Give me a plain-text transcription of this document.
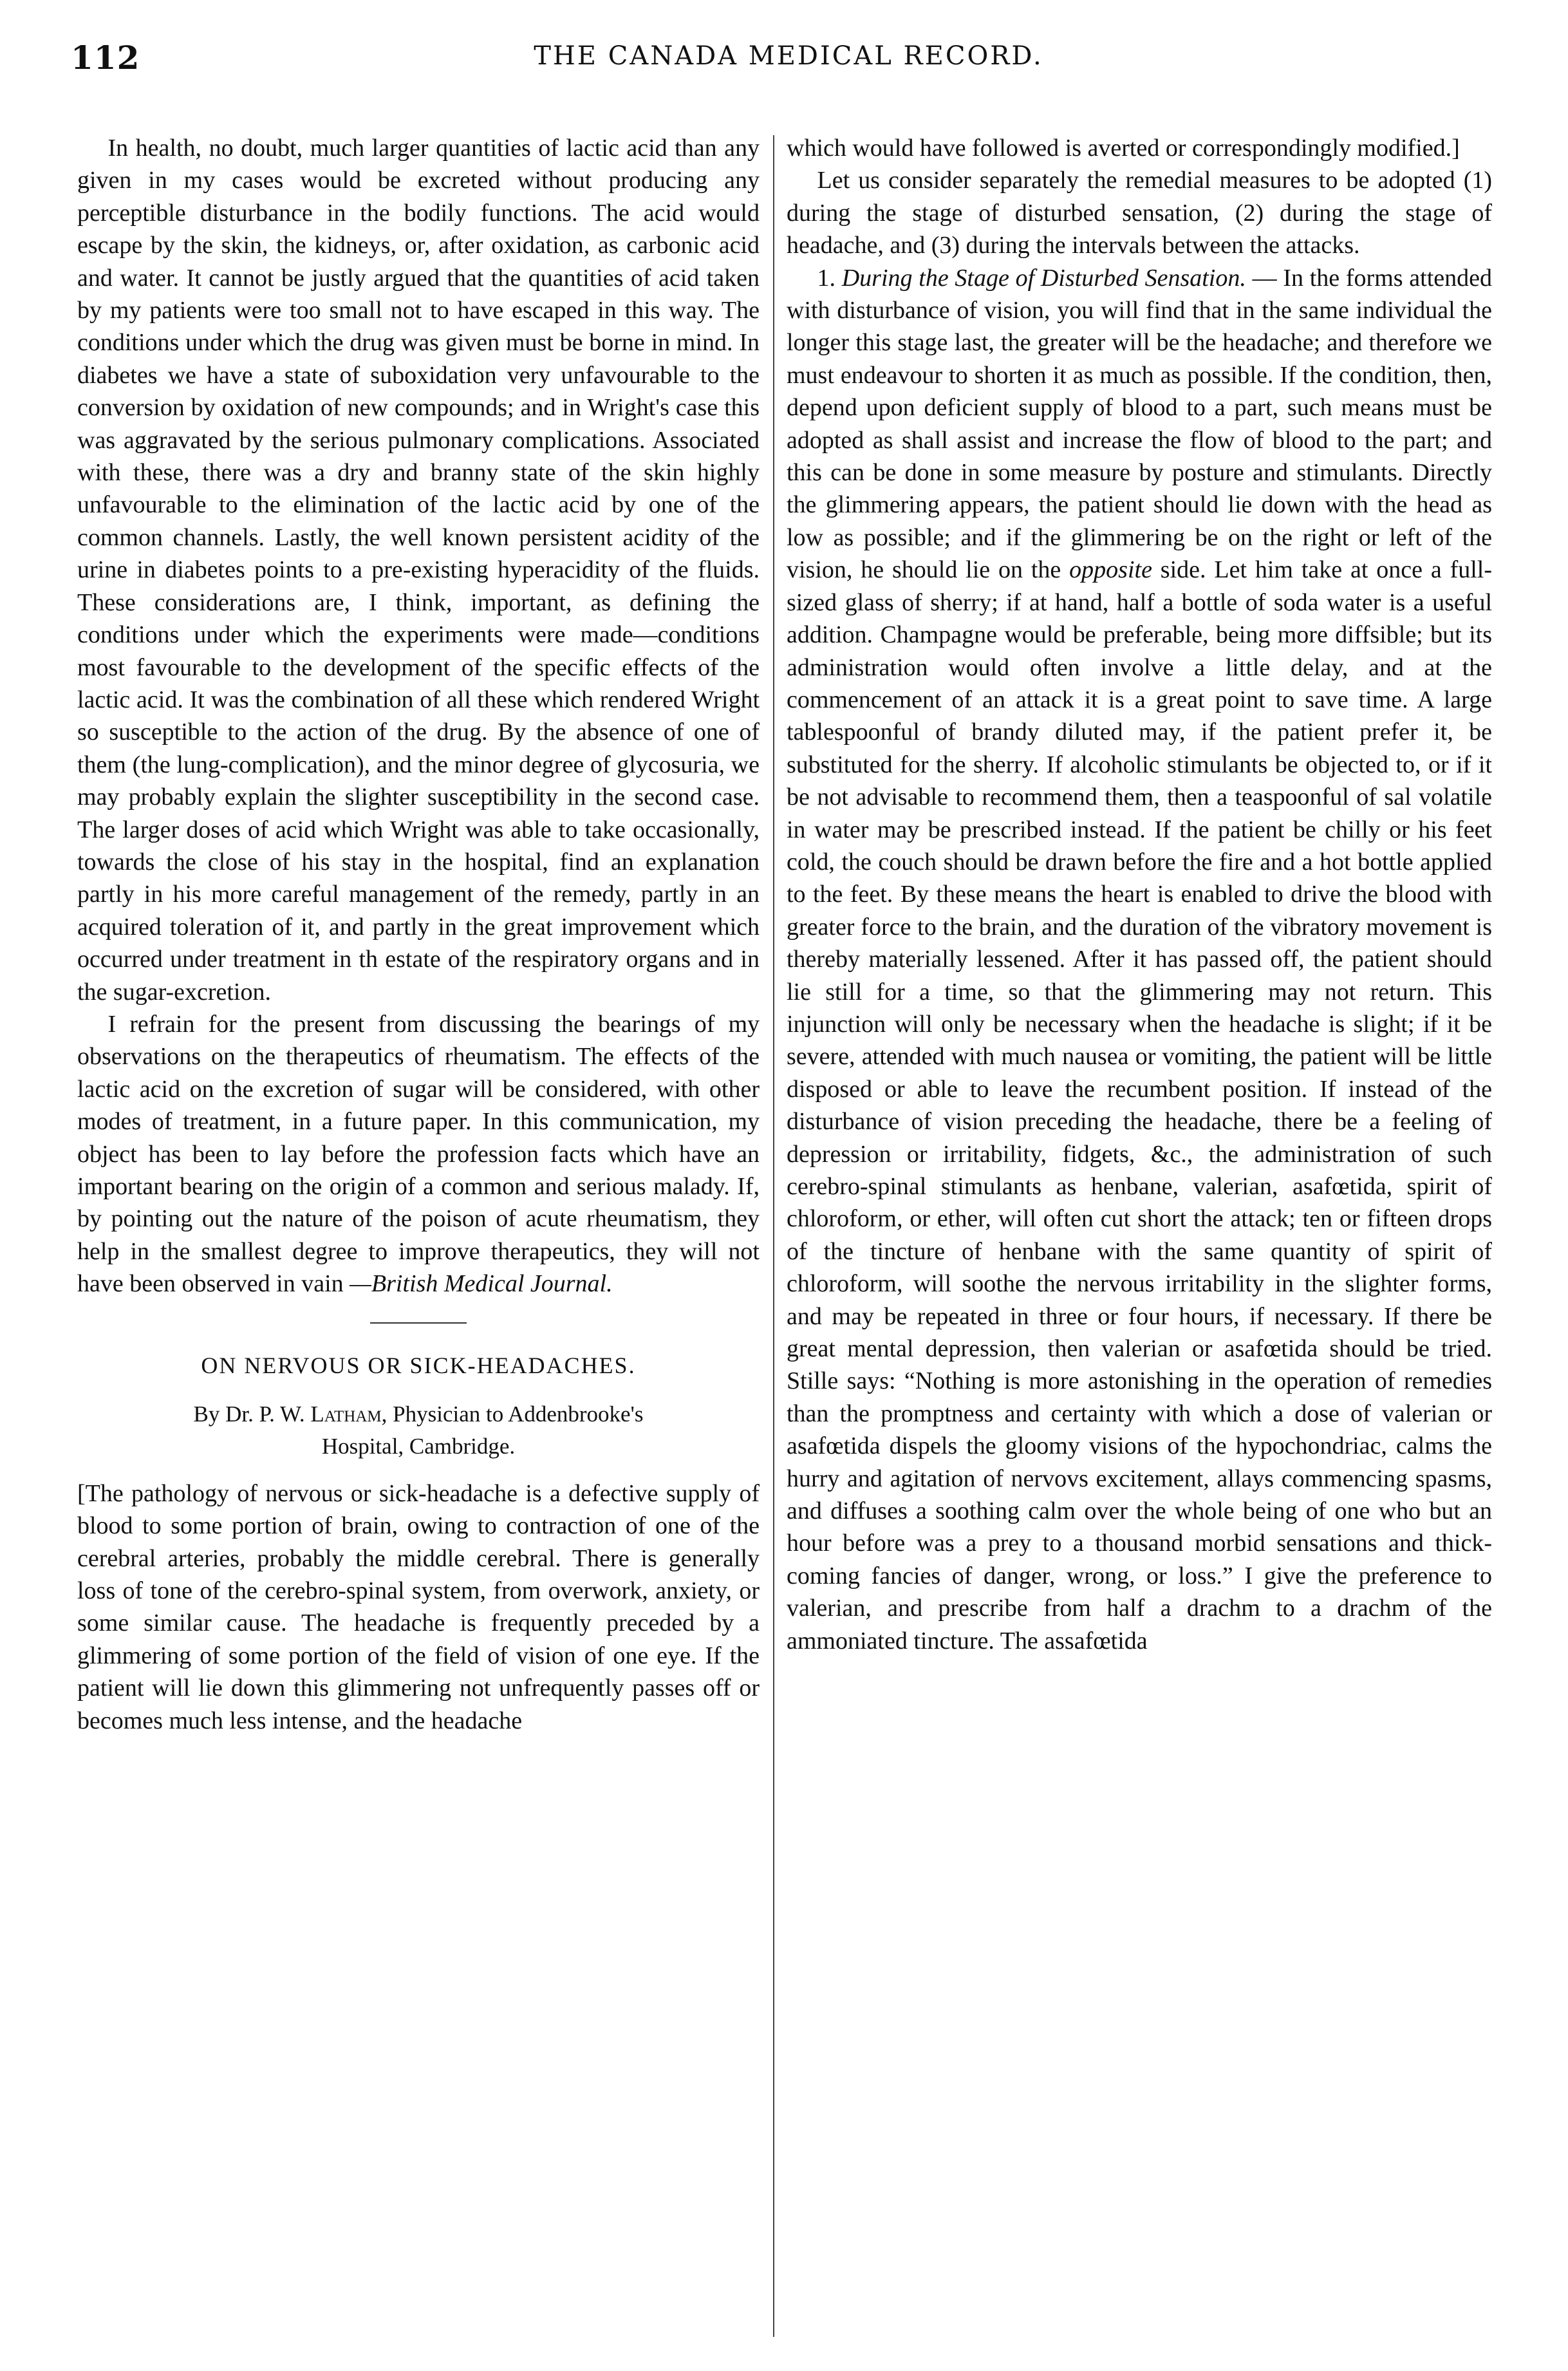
112	THE CANADA MEDICAL RECORD.

In health, no doubt, much larger quantities of lactic acid than any given in my cases would be excreted without producing any perceptible disturbance in the bodily functions. The acid would escape by the skin, the kidneys, or, after oxidation, as carbonic acid and water. It cannot be justly argued that the quantities of acid taken by my patients were too small not to have escaped in this way. The conditions under which the drug was given must be borne in mind. In diabetes we have a state of suboxidation very unfavourable to the conversion by oxidation of new compounds; and in Wright's case this was aggravated by the serious pulmonary complications. Associated with these, there was a dry and branny state of the skin highly unfavourable to the elimination of the lactic acid by one of the common channels. Lastly, the well known persistent acidity of the urine in diabetes points to a pre-existing hyperacidity of the fluids. These considerations are, I think, important, as defining the conditions under which the experiments were made—conditions most favourable to the development of the specific effects of the lactic acid. It was the combination of all these which rendered Wright so susceptible to the action of the drug. By the absence of one of them (the lung-complication), and the minor degree of glycosuria, we may probably explain the slighter susceptibility in the second case. The larger doses of acid which Wright was able to take occasionally, towards the close of his stay in the hospital, find an explanation partly in his more careful management of the remedy, partly in an acquired toleration of it, and partly in the great improvement which occurred under treatment in th estate of the respiratory organs and in the sugar-excretion.

I refrain for the present from discussing the bearings of my observations on the therapeutics of rheumatism. The effects of the lactic acid on the excretion of sugar will be considered, with other modes of treatment, in a future paper. In this communication, my object has been to lay before the profession facts which have an important bearing on the origin of a common and serious malady. If, by pointing out the nature of the poison of acute rheumatism, they help in the smallest degree to improve therapeutics, they will not have been observed in vain —British Medical Journal.

ON NERVOUS OR SICK-HEADACHES.

By Dr. P. W. Latham, Physician to Addenbrooke's

Hospital, Cambridge.

[The pathology of nervous or sick-headache is a defective supply of blood to some portion of brain, owing to contraction of one of the cerebral arteries, probably the middle cerebral. There is generally loss of tone of the cerebro-spinal system, from overwork, anxiety, or some similar cause. The headache is frequently preceded by a glimmering of some portion of the field of vision of one eye. If the patient will lie down this glimmering not unfrequently passes off or becomes much less intense, and the headache

which would have followed is averted or correspondingly modified.]

Let us consider separately the remedial measures to be adopted (1) during the stage of disturbed sensation, (2) during the stage of headache, and (3) during the intervals between the attacks.

1. During the Stage of Disturbed Sensation. — In the forms attended with disturbance of vision, you will find that in the same individual the longer this stage last, the greater will be the headache; and therefore we must endeavour to shorten it as much as possible. If the condition, then, depend upon deficient supply of blood to a part, such means must be adopted as shall assist and increase the flow of blood to the part; and this can be done in some measure by posture and stimulants. Directly the glimmering appears, the patient should lie down with the head as low as possible; and if the glimmering be on the right or left of the vision, he should lie on the opposite side. Let him take at once a full-sized glass of sherry; if at hand, half a bottle of soda water is a useful addition. Champagne would be preferable, being more diffsible; but its administration would often involve a little delay, and at the commencement of an attack it is a great point to save time. A large tablespoonful of brandy diluted may, if the patient prefer it, be substituted for the sherry. If alcoholic stimulants be objected to, or if it be not advisable to recommend them, then a teaspoonful of sal volatile in water may be prescribed instead. If the patient be chilly or his feet cold, the couch should be drawn before the fire and a hot bottle applied to the feet. By these means the heart is enabled to drive the blood with greater force to the brain, and the duration of the vibratory movement is thereby materially lessened. After it has passed off, the patient should lie still for a time, so that the glimmering may not return. This injunction will only be necessary when the headache is slight; if it be severe, attended with much nausea or vomiting, the patient will be little disposed or able to leave the recumbent position. If instead of the disturbance of vision preceding the headache, there be a feeling of depression or irritability, fidgets, &c., the administration of such cerebro-spinal stimulants as henbane, valerian, asafœtida, spirit of chloroform, or ether, will often cut short the attack; ten or fifteen drops of the tincture of henbane with the same quantity of spirit of chloroform, will soothe the nervous irritability in the slighter forms, and may be repeated in three or four hours, if necessary. If there be great mental depression, then valerian or asafœtida should be tried. Stille says: “Nothing is more astonishing in the operation of remedies than the promptness and certainty with which a dose of valerian or asafœtida dispels the gloomy visions of the hypochondriac, calms the hurry and agitation of nervovs excitement, allays commencing spasms, and diffuses a soothing calm over the whole being of one who but an hour before was a prey to a thousand morbid sensations and thick-coming fancies of danger, wrong, or loss.” I give the preference to valerian, and prescribe from half a drachm to a drachm of the ammoniated tincture. The assafœtida
